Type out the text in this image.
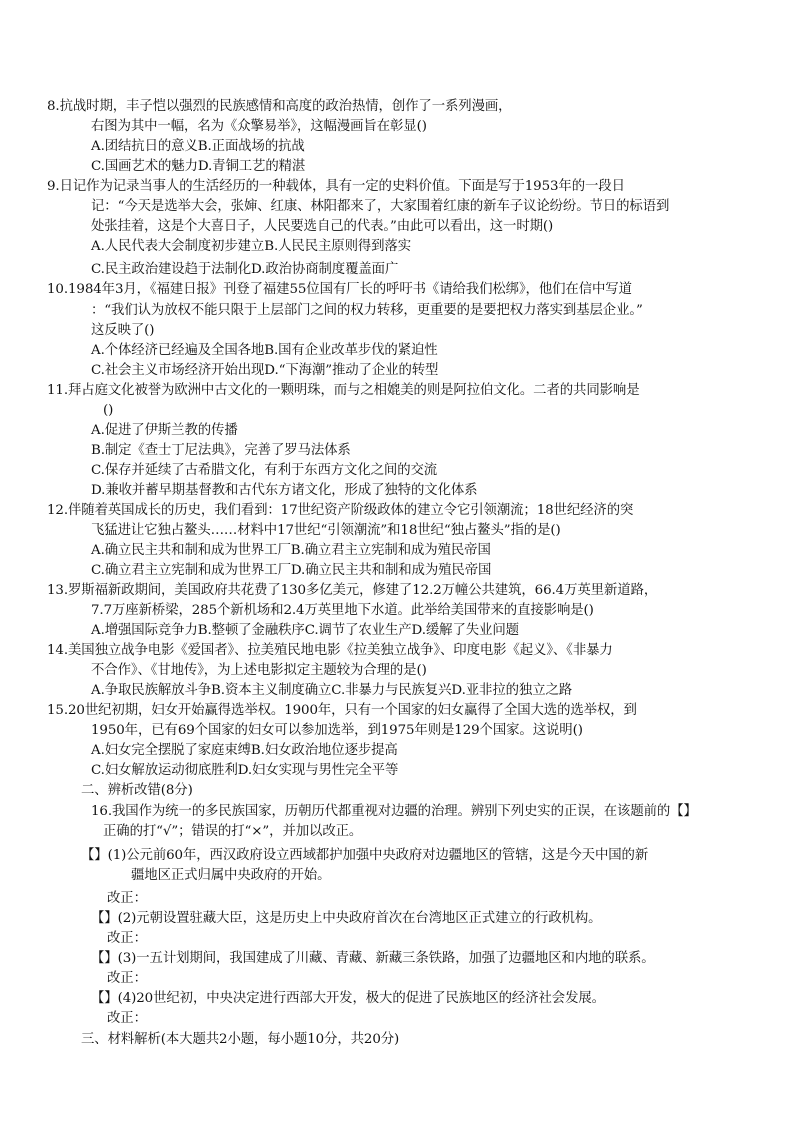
8.抗战时期，丰子恺以强烈的民族感情和高度的政治热情，创作了一系列漫画，
右图为其中一幅，名为《众擎易举》，这幅漫画旨在彰显()
A.团结抗日的意义B.正面战场的抗战
C.国画艺术的魅力D.青铜工艺的精湛
9.日记作为记录当事人的生活经历的一种载体，具有一定的史料价值。下面是写于1953年的一段日
记：“今天是选举大会，张婶、红康、林阳都来了，大家围着红康的新车子议论纷纷。节日的标语到
处张挂着，这是个大喜日子，人民要选自己的代表。”由此可以看出，这一时期()
A.人民代表大会制度初步建立B.人民民主原则得到落实
C.民主政治建设趋于法制化D.政治协商制度覆盖面广
10.1984年3月，《福建日报》刊登了福建55位国有厂长的呼吁书《请给我们松绑》，他们在信中写道
：“我们认为放权不能只限于上层部门之间的权力转移，更重要的是要把权力落实到基层企业。”
这反映了()
A.个体经济已经遍及全国各地B.国有企业改革步伐的紧迫性
C.社会主义市场经济开始出现D.“下海潮”推动了企业的转型
11.拜占庭文化被誉为欧洲中古文化的一颗明珠，而与之相媲美的则是阿拉伯文化。二者的共同影响是
()
A.促进了伊斯兰教的传播
B.制定《查士丁尼法典》，完善了罗马法体系
C.保存并延续了古希腊文化，有利于东西方文化之间的交流
D.兼收并蓄早期基督教和古代东方诸文化，形成了独特的文化体系
12.伴随着英国成长的历史，我们看到：17世纪资产阶级政体的建立令它引领潮流；18世纪经济的突
飞猛进让它独占鳌头……材料中17世纪“引领潮流”和18世纪“独占鳌头”指的是()
A.确立民主共和制和成为世界工厂B.确立君主立宪制和成为殖民帝国
C.确立君主立宪制和成为世界工厂D.确立民主共和制和成为殖民帝国
13.罗斯福新政期间，美国政府共花费了130多亿美元，修建了12.2万幢公共建筑，66.4万英里新道路，
7.7万座新桥梁，285个新机场和2.4万英里地下水道。此举给美国带来的直接影响是()
A.增强国际竞争力B.整顿了金融秩序C.调节了农业生产D.缓解了失业问题
14.美国独立战争电影《爱国者》、拉美殖民地电影《拉美独立战争》、印度电影《起义》、《非暴力
不合作》、《甘地传》，为上述电影拟定主题较为合理的是()
A.争取民族解放斗争B.资本主义制度确立C.非暴力与民族复兴D.亚非拉的独立之路
15.20世纪初期，妇女开始赢得选举权。1900年，只有一个国家的妇女赢得了全国大选的选举权，到
1950年，已有69个国家的妇女可以参加选举，到1975年则是129个国家。这说明()
A.妇女完全摆脱了家庭束缚B.妇女政治地位逐步提高
C.妇女解放运动彻底胜利D.妇女实现与男性完全平等
二、辨析改错(8分)
16.我国作为统一的多民族国家，历朝历代都重视对边疆的治理。辨别下列史实的正误，在该题前的【】
正确的打“√”；错误的打“×”，并加以改正。
【】(1)公元前60年，西汉政府设立西域都护加强中央政府对边疆地区的管辖，这是今天中国的新
疆地区正式归属中央政府的开始。
改正：
【】(2)元朝设置驻藏大臣，这是历史上中央政府首次在台湾地区正式建立的行政机构。
改正：
【】(3)一五计划期间，我国建成了川藏、青藏、新藏三条铁路，加强了边疆地区和内地的联系。
改正：
【】(4)20世纪初，中央决定进行西部大开发，极大的促进了民族地区的经济社会发展。
改正：
三、材料解析(本大题共2小题，每小题10分，共20分)
